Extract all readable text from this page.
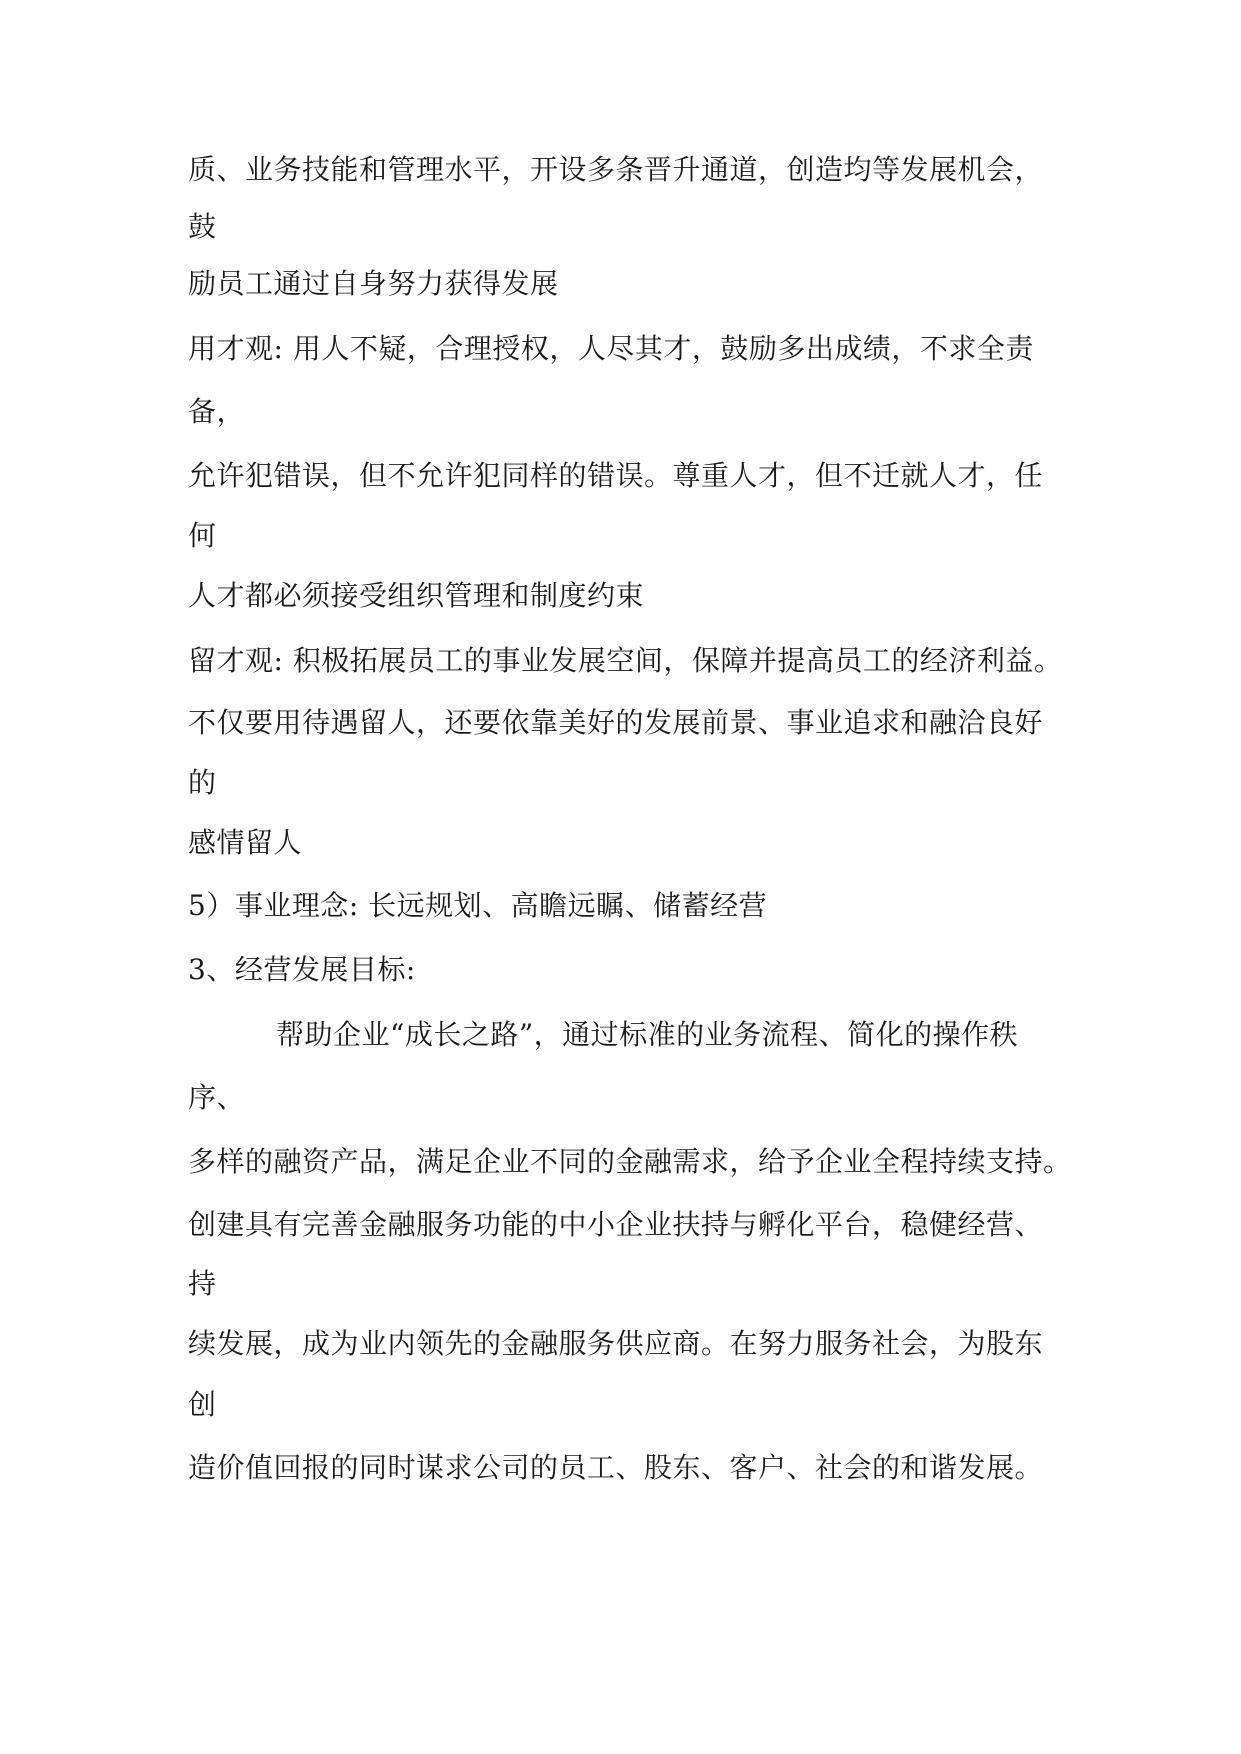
质、业务技能和管理水平，开设多条晋升通道，创造均等发展机会，
鼓
励员工通过自身努力获得发展
用才观: 用人不疑，合理授权，人尽其才，鼓励多出成绩，不求全责
备，
允许犯错误，但不允许犯同样的错误。尊重人才，但不迁就人才，任
何
人才都必须接受组织管理和制度约束
留才观: 积极拓展员工的事业发展空间，保障并提高员工的经济利益。
不仅要用待遇留人，还要依靠美好的发展前景、事业追求和融洽良好
的
感情留人
5）事业理念: 长远规划、高瞻远瞩、储蓄经营
3、经营发展目标:
帮助企业“成长之路”，通过标准的业务流程、简化的操作秩
序、
多样的融资产品，满足企业不同的金融需求，给予企业全程持续支持。
创建具有完善金融服务功能的中小企业扶持与孵化平台，稳健经营、
持
续发展，成为业内领先的金融服务供应商。在努力服务社会，为股东
创
造价值回报的同时谋求公司的员工、股东、客户、社会的和谐发展。
